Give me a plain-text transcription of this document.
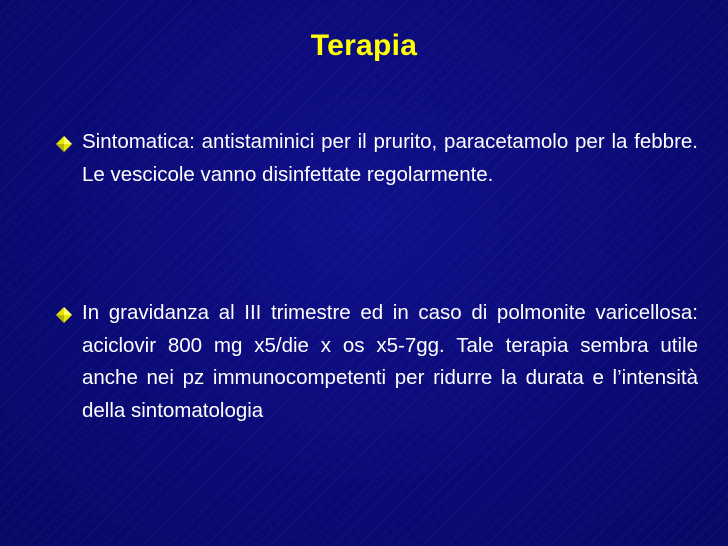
Terapia

Sintomatica: antistaminici per il prurito, paracetamolo per la febbre. Le vescicole vanno disinfettate regolarmente.

In gravidanza al III trimestre ed in caso di polmonite varicellosa: aciclovir 800 mg x5/die x os x5-7gg. Tale terapia sembra utile anche nei pz immunocompetenti per ridurre la durata e l’intensità della sintomatologia
